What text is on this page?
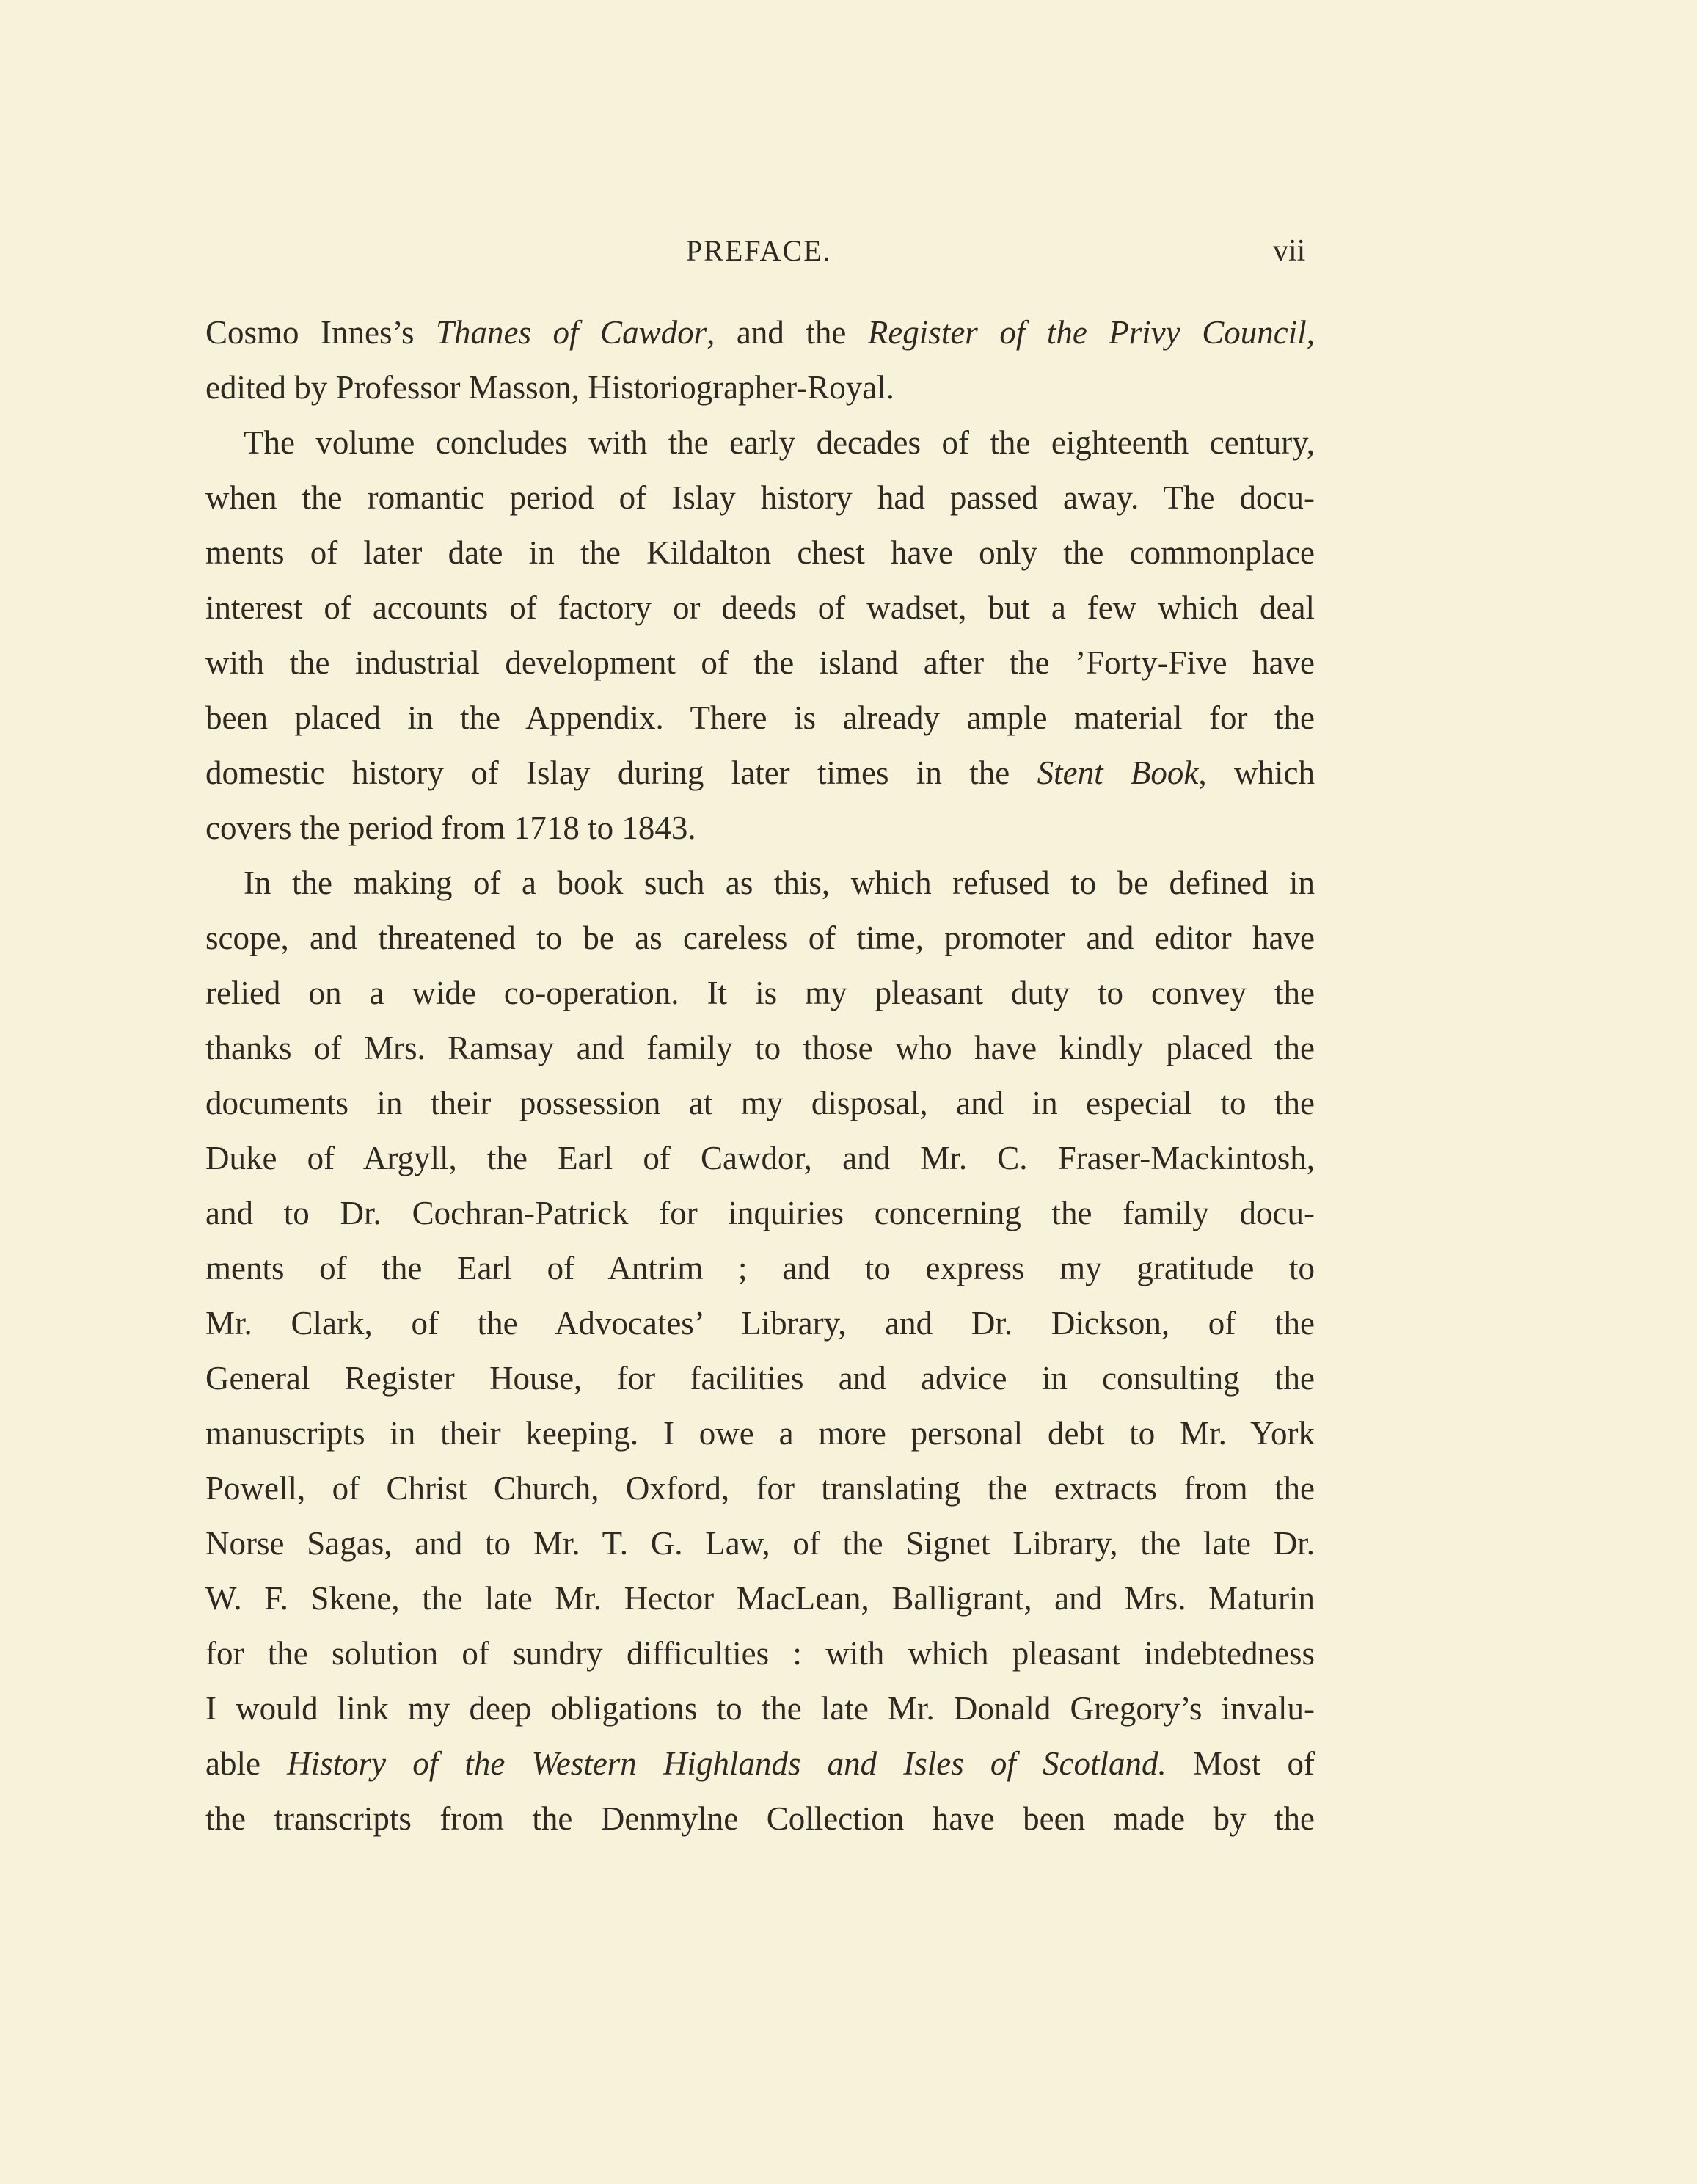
PREFACE.	vii
Cosmo Innes’s Thanes of Cawdor, and the Register of the Privy Council,
edited by Professor Masson, Historiographer-Royal.
The volume concludes with the early decades of the eighteenth century,
when the romantic period of Islay history had passed away. The docu-
ments of later date in the Kildalton chest have only the commonplace
interest of accounts of factory or deeds of wadset, but a few which deal
with the industrial development of the island after the ’Forty-Five have
been placed in the Appendix. There is already ample material for the
domestic history of Islay during later times in the Stent Book, which
covers the period from 1718 to 1843.
In the making of a book such as this, which refused to be defined in
scope, and threatened to be as careless of time, promoter and editor have
relied on a wide co-operation. It is my pleasant duty to convey the
thanks of Mrs. Ramsay and family to those who have kindly placed the
documents in their possession at my disposal, and in especial to the
Duke of Argyll, the Earl of Cawdor, and Mr. C. Fraser-Mackintosh,
and to Dr. Cochran-Patrick for inquiries concerning the family docu-
ments of the Earl of Antrim ; and to express my gratitude to
Mr. Clark, of the Advocates’ Library, and Dr. Dickson, of the
General Register House, for facilities and advice in consulting the
manuscripts in their keeping. I owe a more personal debt to Mr. York
Powell, of Christ Church, Oxford, for translating the extracts from the
Norse Sagas, and to Mr. T. G. Law, of the Signet Library, the late Dr.
W. F. Skene, the late Mr. Hector MacLean, Balligrant, and Mrs. Maturin
for the solution of sundry difficulties : with which pleasant indebtedness
I would link my deep obligations to the late Mr. Donald Gregory’s invalu-
able History of the Western Highlands and Isles of Scotland. Most of
the transcripts from the Denmylne Collection have been made by the
